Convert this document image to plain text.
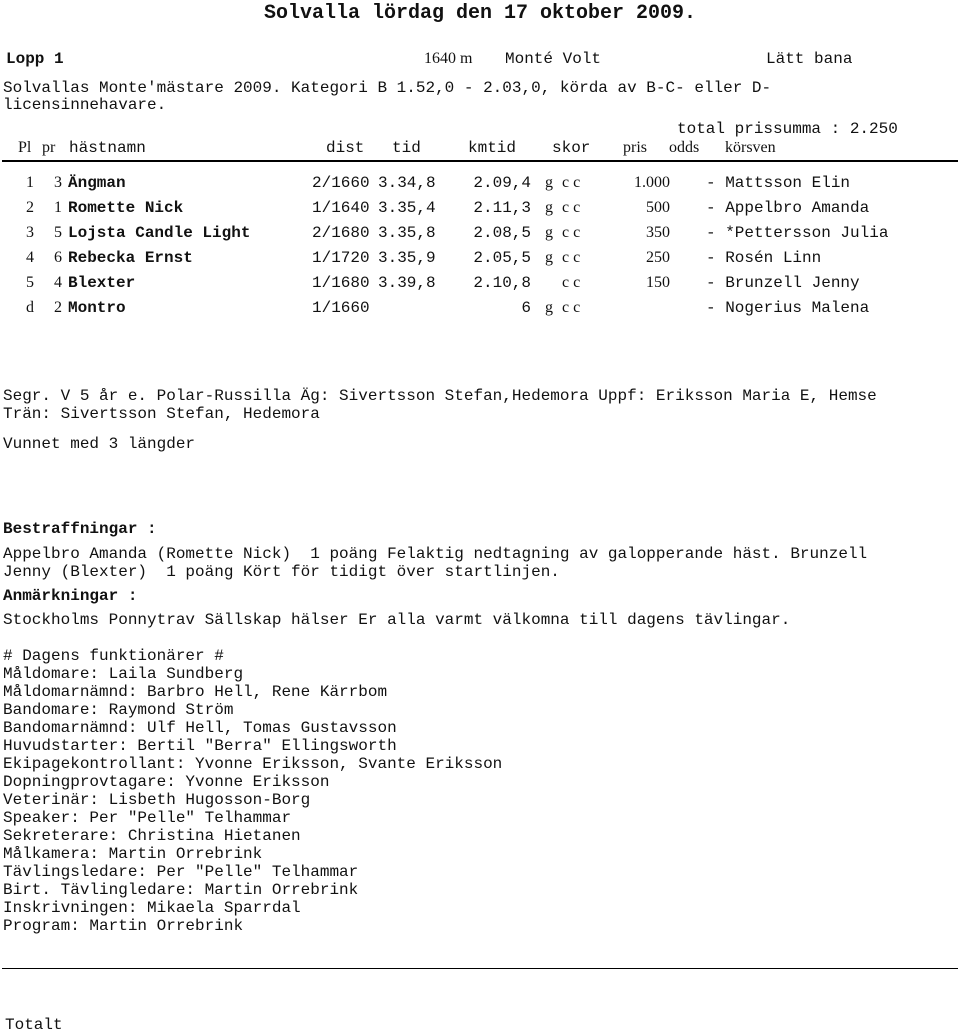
Solvalla lördag den 17 oktober 2009.
Lopp 1	1640 m Monté Volt	Lätt bana
Solvallas Monte'mästare 2009. Kategori B 1.52,0 - 2.03,0, körda av B-C- eller D-
licensinnehavare.
total prissumma : 2.250
Pl pr hästnamn	dist tid	kmtid skor pris odds körsven
1 3 Ängman	2/1660 3.34,8 2.09,4 g c c	1.000 - Mattsson Elin
2 1 Romette Nick	1/1640 3.35,4 2.11,3 g c c	500 - Appelbro Amanda
3 5 Lojsta Candle Light	2/1680 3.35,8 2.08,5 g c c	350 - *Pettersson Julia
4 6 Rebecka Ernst	1/1720 3.35,9 2.05,5 g c c	250 - Rosén Linn
5 4 Blexter	1/1680 3.39,8 2.10,8 c c	150 - Brunzell Jenny
d 2 Montro	1/1660	6 g c c	- Nogerius Malena
Segr. V 5 år e. Polar-Russilla Äg: Sivertsson Stefan,Hedemora Uppf: Eriksson Maria E, Hemse
Trän: Sivertsson Stefan, Hedemora
Vunnet med 3 längder
Bestraffningar :
Appelbro Amanda (Romette Nick)  1 poäng Felaktig nedtagning av galopperande häst. Brunzell
Jenny (Blexter)  1 poäng Kört för tidigt över startlinjen.
Anmärkningar :
Stockholms Ponnytrav Sällskap hälser Er alla varmt välkomna till dagens tävlingar.
# Dagens funktionärer #
Måldomare: Laila Sundberg
Måldomarnämnd: Barbro Hell, Rene Kärrbom
Bandomare: Raymond Ström
Bandomarnämnd: Ulf Hell, Tomas Gustavsson
Huvudstarter: Bertil "Berra" Ellingsworth
Ekipagekontrollant: Yvonne Eriksson, Svante Eriksson
Dopningprovtagare: Yvonne Eriksson
Veterinär: Lisbeth Hugosson-Borg
Speaker: Per "Pelle" Telhammar
Sekreterare: Christina Hietanen
Målkamera: Martin Orrebrink
Tävlingsledare: Per "Pelle" Telhammar
Birt. Tävlingledare: Martin Orrebrink
Inskrivningen: Mikaela Sparrdal
Program: Martin Orrebrink
Totalt
